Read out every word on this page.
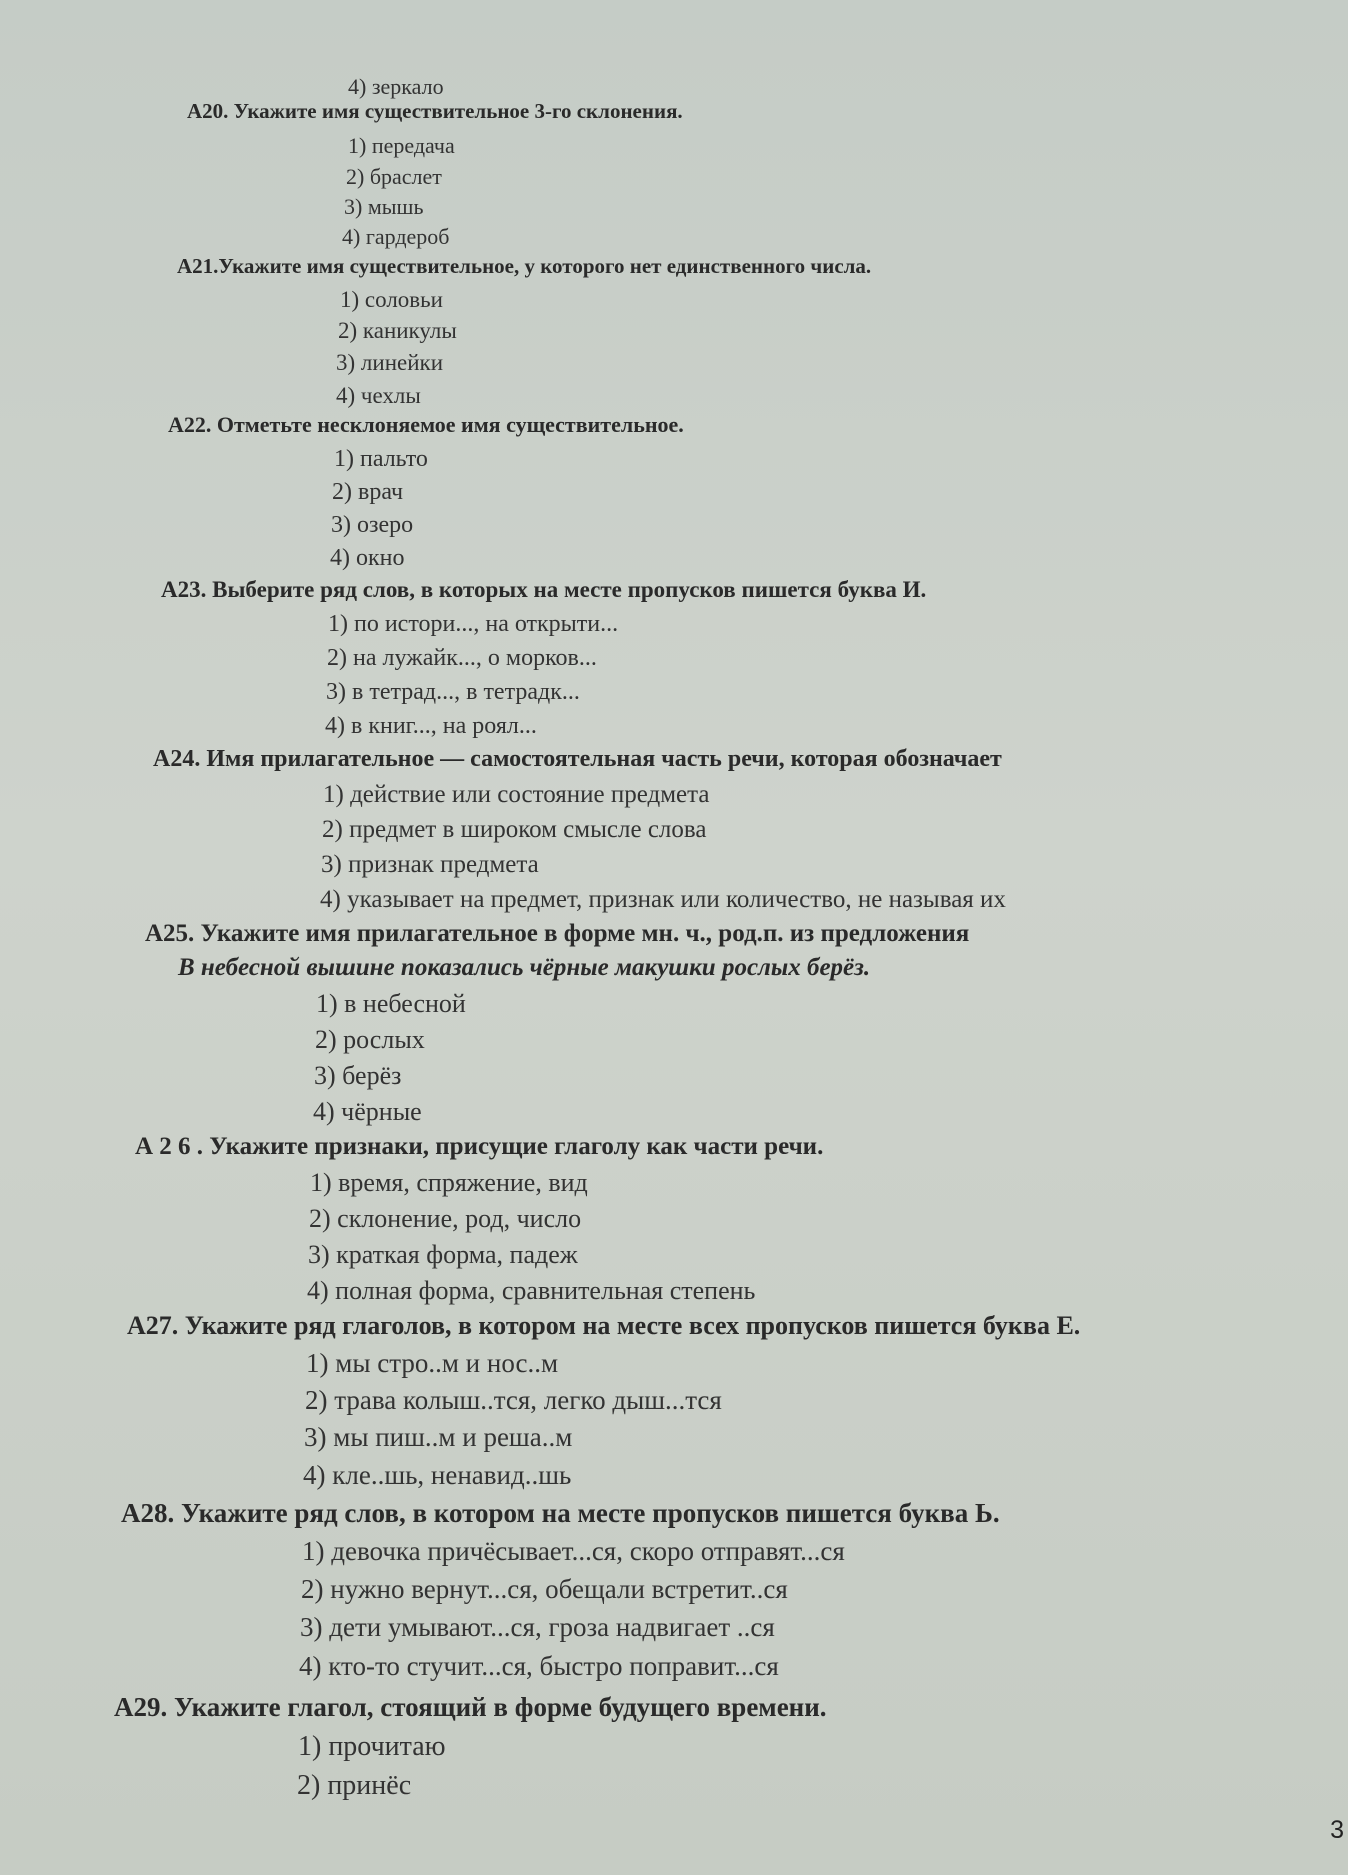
4) зеркало
А20. Укажите имя существительное 3-го склонения.
1) передача
2) браслет
3) мышь
4) гардероб
А21.Укажите имя существительное, у которого нет единственного числа.
1) соловьи
2) каникулы
3) линейки
4) чехлы
А22. Отметьте несклоняемое имя существительное.
1) пальто
2) врач
3) озеро
4) окно
А23. Выберите ряд слов, в которых на месте пропусков пишется буква И.
1) по истори..., на открыти...
2) на лужайк..., о морков...
3) в тетрад..., в тетрадк...
4) в книг..., на роял...
А24. Имя прилагательное — самостоятельная часть речи, которая обозначает
1) действие или состояние предмета
2) предмет в широком смысле слова
3) признак предмета
4) указывает на предмет, признак или количество, не называя их
А25. Укажите имя прилагательное в форме мн. ч., род.п. из предложения
В небесной вышине показались чёрные макушки рослых берёз.
1) в небесной
2) рослых
3) берёз
4) чёрные
А 2 6 . Укажите признаки, присущие глаголу как части речи.
1) время, спряжение, вид
2) склонение, род, число
3) краткая форма, падеж
4) полная форма, сравнительная степень
А27. Укажите ряд глаголов, в котором на месте всех пропусков пишется буква Е.
1) мы стро..м и нос..м
2) трава колыш..тся, легко дыш...тся
3) мы пиш..м и реша..м
4) кле..шь, ненавид..шь
А28. Укажите ряд слов, в котором на месте пропусков пишется буква Ь.
1) девочка причёсывает...ся, скоро отправят...ся
2) нужно вернут...ся, обещали встретит..ся
3) дети умывают...ся, гроза надвигает ..ся
4) кто-то стучит...ся, быстро поправит...ся
А29. Укажите глагол, стоящий в форме будущего времени.
1) прочитаю
2) принёс
3
